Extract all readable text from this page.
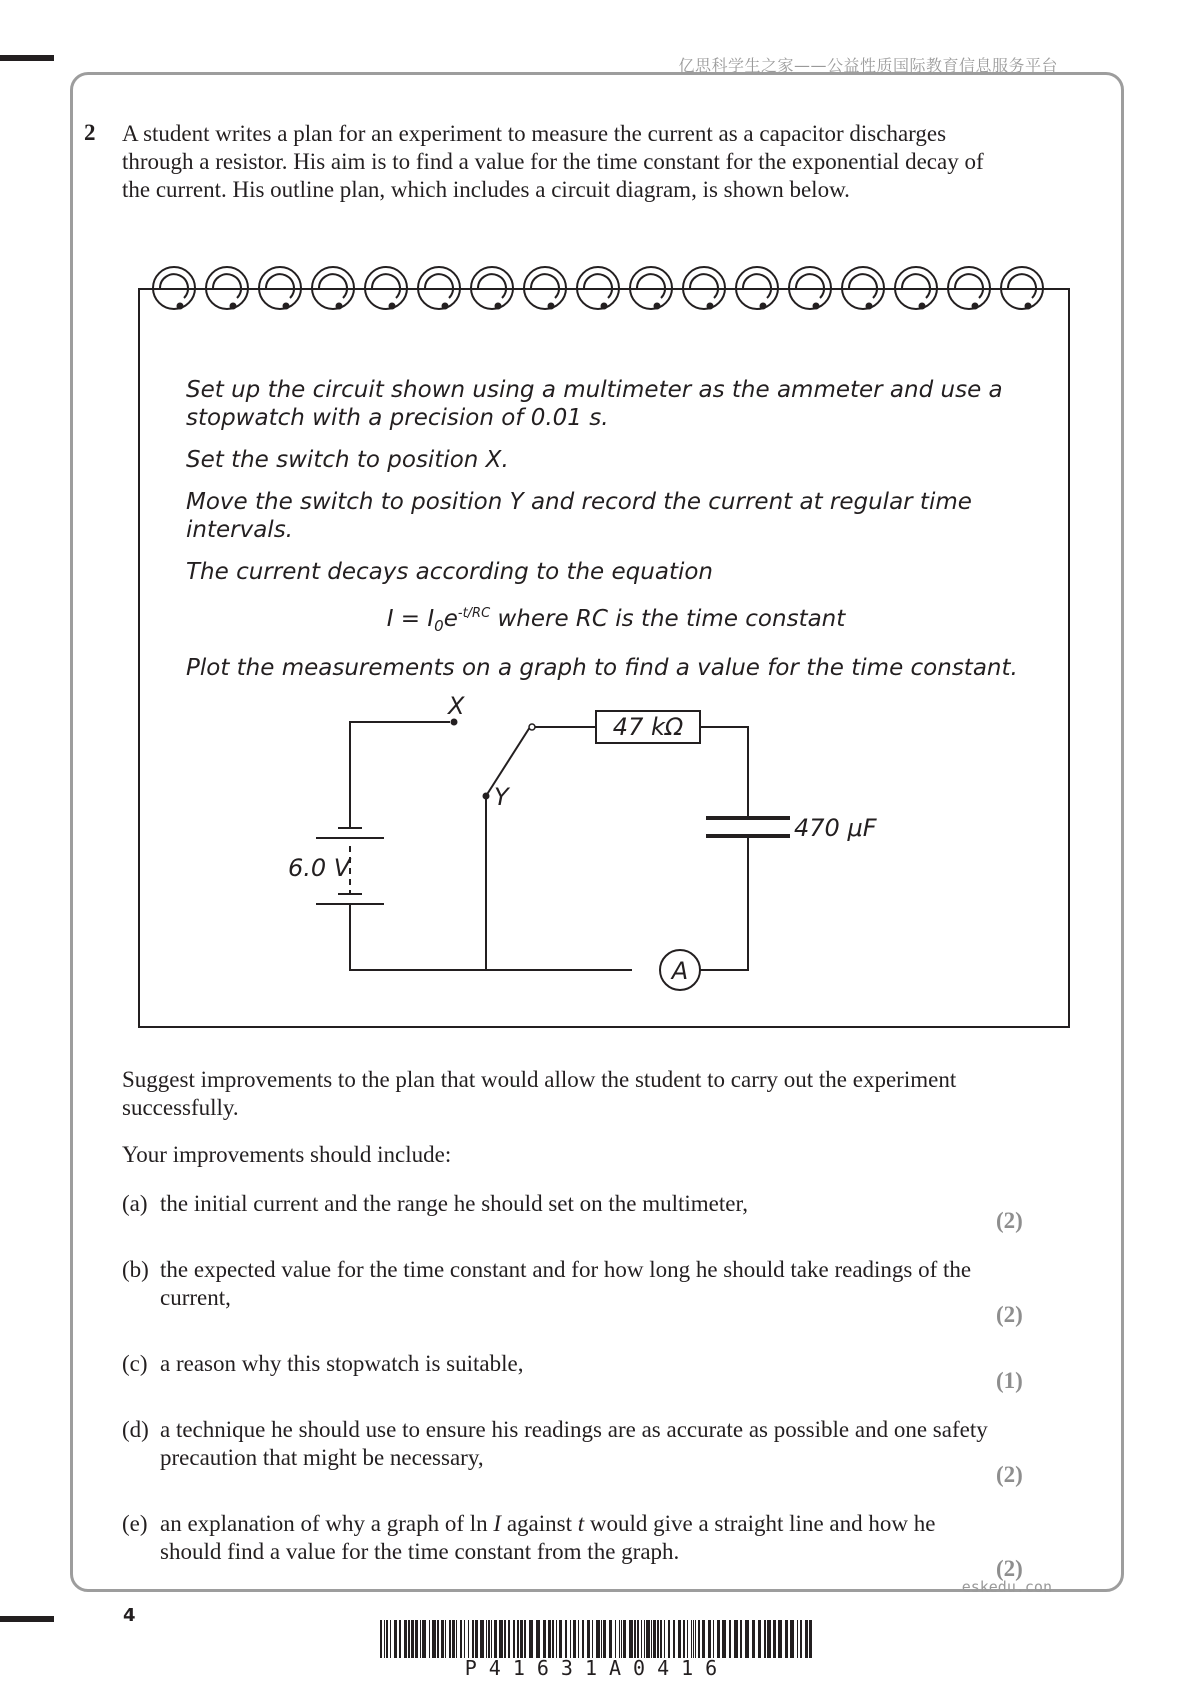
亿思科学生之家——公益性质国际教育信息服务平台
2 A student writes a plan for an experiment to measure the current as a capacitor discharges through a resistor. His aim is to find a value for the time constant for the exponential decay of the current. His outline plan, which includes a circuit diagram, is shown below.

Set up the circuit shown using a multimeter as the ammeter and use a stopwatch with a precision of 0.01 s.

Set the switch to position X.

Move the switch to position Y and record the current at regular time intervals.

The current decays according to the equation

$I = I_0e^{-t/RC}$ where RC is the time constant

Plot the measurements on a graph to find a value for the time constant.

X
Y
47 kΩ
470 μF
6.0 V
A

Suggest improvements to the plan that would allow the student to carry out the experiment successfully.

Your improvements should include:

(a) the initial current and the range he should set on the multimeter,
(2)
(b) the expected value for the time constant and for how long he should take readings of the current,
(2)
(c) a reason why this stopwatch is suitable,
(1)
(d) a technique he should use to ensure his readings are as accurate as possible and one safety precaution that might be necessary,
(2)
(e) an explanation of why a graph of ln I against t would give a straight line and how he should find a value for the time constant from the graph.
(2)
eskedu.con
4
P41631A0416
